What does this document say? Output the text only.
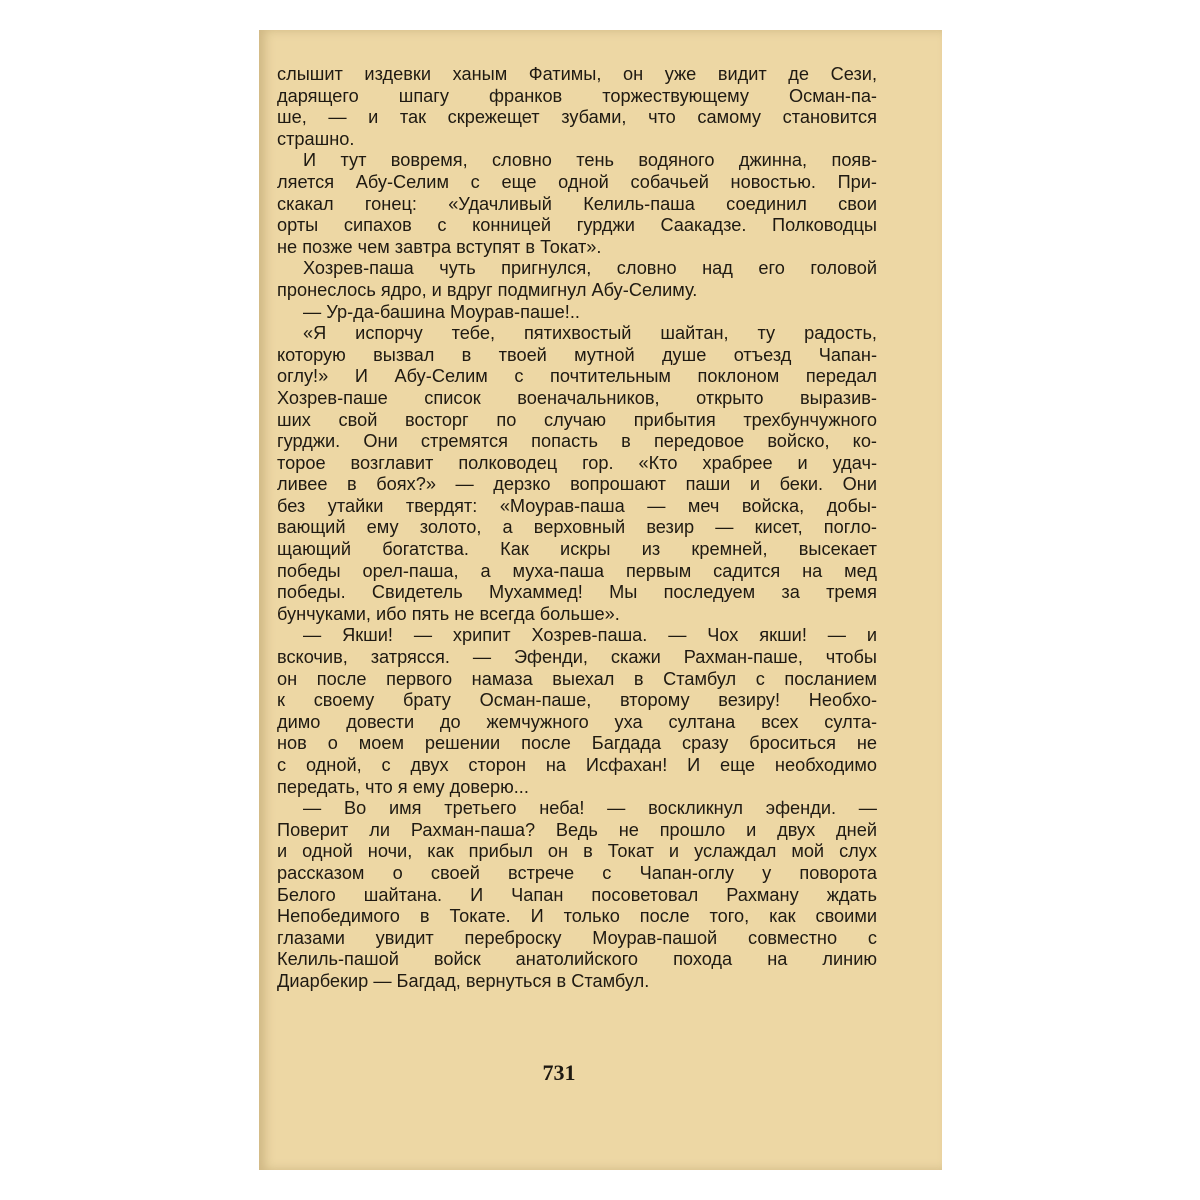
слышит издевки ханым Фатимы, он уже видит де Сези,
дарящего шпагу франков торжествующему Осман-па-
ше, — и так скрежещет зубами, что самому становится
страшно.
И тут вовремя, словно тень водяного джинна, появ-
ляется Абу-Селим с еще одной собачьей новостью. При-
скакал гонец: «Удачливый Келиль-паша соединил свои
орты сипахов с конницей гурджи Саакадзе. Полководцы
не позже чем завтра вступят в Токат».
Хозрев-паша чуть пригнулся, словно над его головой
пронеслось ядро, и вдруг подмигнул Абу-Селиму.
— Ур-да-башина Моурав-паше!..
«Я испорчу тебе, пятихвостый шайтан, ту радость,
которую вызвал в твоей мутной душе отъезд Чапан-
оглу!» И Абу-Селим с почтительным поклоном передал
Хозрев-паше список военачальников, открыто выразив-
ших свой восторг по случаю прибытия трехбунчужного
гурджи. Они стремятся попасть в передовое войско, ко-
торое возглавит полководец гор. «Кто храбрее и удач-
ливее в боях?» — дерзко вопрошают паши и беки. Они
без утайки твердят: «Моурав-паша — меч войска, добы-
вающий ему золото, а верховный везир — кисет, погло-
щающий богатства. Как искры из кремней, высекает
победы орел-паша, а муха-паша первым садится на мед
победы. Свидетель Мухаммед! Мы последуем за тремя
бунчуками, ибо пять не всегда больше».
— Якши! — хрипит Хозрев-паша. — Чох якши! — и
вскочив, затрясся. — Эфенди, скажи Рахман-паше, чтобы
он после первого намаза выехал в Стамбул с посланием
к своему брату Осман-паше, второму везиру! Необхо-
димо довести до жемчужного уха султана всех султа-
нов о моем решении после Багдада сразу броситься не
с одной, с двух сторон на Исфахан! И еще необходимо
передать, что я ему доверю...
— Во имя третьего неба! — воскликнул эфенди. —
Поверит ли Рахман-паша? Ведь не прошло и двух дней
и одной ночи, как прибыл он в Токат и услаждал мой слух
рассказом о своей встрече с Чапан-оглу у поворота
Белого шайтана. И Чапан посоветовал Рахману ждать
Непобедимого в Токате. И только после того, как своими
глазами увидит переброску Моурав-пашой совместно с
Келиль-пашой войск анатолийского похода на линию
Диарбекир — Багдад, вернуться в Стамбул.
731
